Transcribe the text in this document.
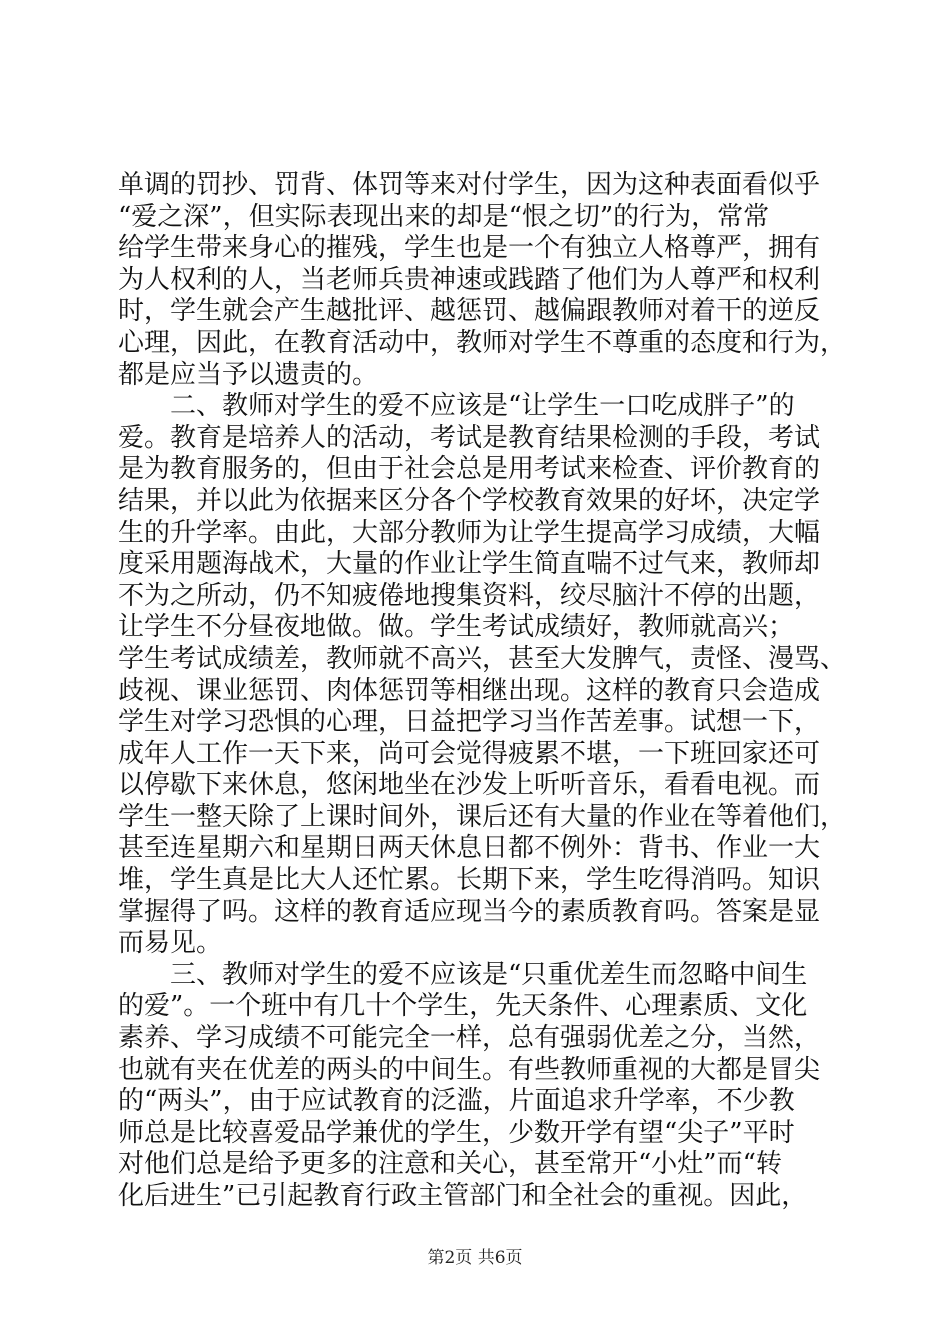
单调的罚抄、罚背、体罚等来对付学生，因为这种表面看似乎
“爱之深”，但实际表现出来的却是“恨之切”的行为，常常
给学生带来身心的摧残，学生也是一个有独立人格尊严，拥有
为人权利的人，当老师兵贵神速或践踏了他们为人尊严和权利
时，学生就会产生越批评、越惩罚、越偏跟教师对着干的逆反
心理，因此，在教育活动中，教师对学生不尊重的态度和行为，
都是应当予以遗责的。
　　二、教师对学生的爱不应该是“让学生一口吃成胖子”的
爱。教育是培养人的活动，考试是教育结果检测的手段，考试
是为教育服务的，但由于社会总是用考试来检查、评价教育的
结果，并以此为依据来区分各个学校教育效果的好坏，决定学
生的升学率。由此，大部分教师为让学生提高学习成绩，大幅
度采用题海战术，大量的作业让学生简直喘不过气来，教师却
不为之所动，仍不知疲倦地搜集资料，绞尽脑汁不停的出题，
让学生不分昼夜地做。做。学生考试成绩好，教师就高兴；
学生考试成绩差，教师就不高兴，甚至大发脾气，责怪、漫骂、
歧视、课业惩罚、肉体惩罚等相继出现。这样的教育只会造成
学生对学习恐惧的心理，日益把学习当作苦差事。试想一下，
成年人工作一天下来，尚可会觉得疲累不堪，一下班回家还可
以停歇下来休息，悠闲地坐在沙发上听听音乐，看看电视。而
学生一整天除了上课时间外，课后还有大量的作业在等着他们，
甚至连星期六和星期日两天休息日都不例外：背书、作业一大
堆，学生真是比大人还忙累。长期下来，学生吃得消吗。知识
掌握得了吗。这样的教育适应现当今的素质教育吗。答案是显
而易见。
　　三、教师对学生的爱不应该是“只重优差生而忽略中间生
的爱”。一个班中有几十个学生，先天条件、心理素质、文化
素养、学习成绩不可能完全一样，总有强弱优差之分，当然，
也就有夹在优差的两头的中间生。有些教师重视的大都是冒尖
的“两头”，由于应试教育的泛滥，片面追求升学率，不少教
师总是比较喜爱品学兼优的学生，少数开学有望“尖子”平时
对他们总是给予更多的注意和关心，甚至常开“小灶”而“转
化后进生”已引起教育行政主管部门和全社会的重视。因此，
第2页 共6页
